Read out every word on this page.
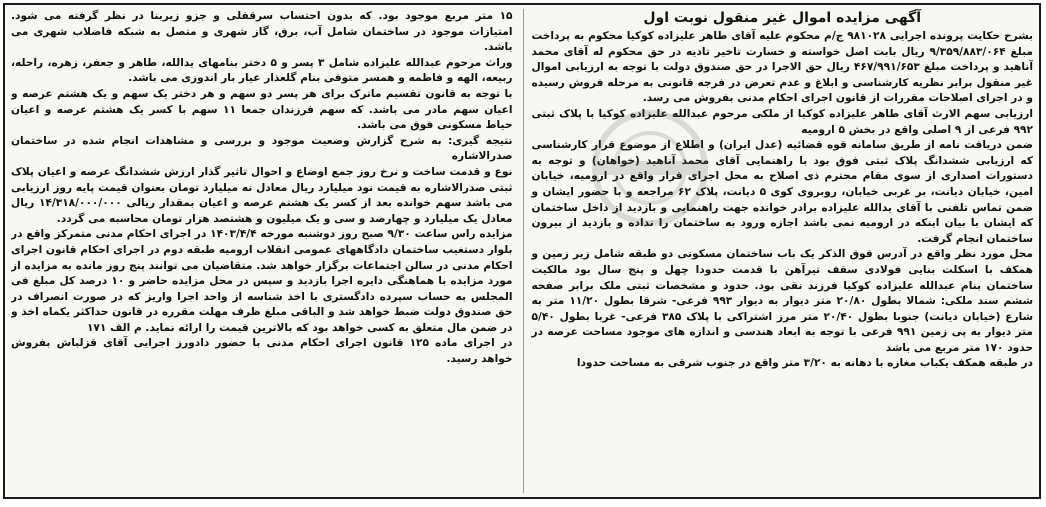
آگهی مزایده اموال غیر منقول نوبت اول

بشرح حکایت پرونده اجرایی ۹۸۱۰۲۸ ج/م محکوم علیه آقای طاهر علیزاده کوکیا محکوم به پرداخت مبلغ ۹/۳۵۹/۸۸۳/۰۶۴ ریال بابت اصل خواسته و خسارت تاخیر تادیه در حق محکوم له آقای محمد آناهید و پرداخت مبلغ ۴۶۷/۹۹۱/۶۵۳ ریال حق الاجرا در حق صندوق دولت با توجه به ارزیابی اموال غیر منقول برابر نظریه کارشناسی و ابلاغ و عدم تعرض در فرجه قانونی به مرحله فروش رسیده و در اجرای اصلاحات مقررات از قانون اجرای احکام مدنی بفروش می رسد.

ارزیابی سهم الارث آقای طاهر علیزاده کوکیا از ملکی مرحوم عبدالله علیزاده کوکیا با پلاک ثبتی ۹۹۲ فرعی از ۹ اصلی واقع در بخش ۵ ارومیه

ضمن دریافت نامه از طریق سامانه قوه قضائیه (عدل ایران) و اطلاع از موضوع قرار کارشناسی که ارزیابی ششدانگ پلاک ثبتی فوق بود با راهنمایی آقای محمد آناهید (خواهان) و توجه به دستورات اصداری از سوی مقام محترم ذی اصلاح به محل اجرای قرار واقع در ارومیه، خیابان امین، خیابان دیانت، بر غربی خیابان، روبروی کوی ۵ دیانت، پلاک ۶۲ مراجعه و با حضور ایشان و ضمن تماس تلفنی با آقای یدالله علیزاده برادر خوانده جهت راهنمایی و بازدید از داخل ساختمان که ایشان با بیان اینکه در ارومیه نمی باشد اجازه ورود به ساختمان را نداده و بازدید از بیرون ساختمان انجام گرفت.

محل مورد نظر واقع در آدرس فوق الذکر یک باب ساختمان مسکونی دو طبقه شامل زیر زمین و همکف با اسکلت بنایی فولادی سقف تیرآهن با قدمت حدودا چهل و پنج سال بود مالکیت ساختمان بنام عبدالله علیزاده کوکیا فرزند نقی بود. حدود و مشخصات ثبتی ملک برابر صفحه ششم سند ملکی: شمالا بطول ۲۰/۸۰ متر دیوار به دیوار ۹۹۳ فرعی- شرقا بطول ۱۱/۲۰ متر به شارع (خیابان دیانت) جنوبا بطول ۲۰/۴۰ متر مرز اشتراکی با پلاک ۳۸۵ فرعی- غربا بطول ۵/۴۰ متر دیوار به پی زمین ۹۹۱ فرعی با توجه به ابعاد هندسی و اندازه های موجود مساحت عرصه در حدود ۱۷۰ متر مربع می باشد

در طبقه همکف یکباب مغازه با دهانه به ۳/۲۰ متر واقع در جنوب شرقی به مساحت حدودا

۱۵ متر مربع موجود بود. که بدون احتساب سرقفلی و جزو زیربنا در نظر گرفته می شود. امتیازات موجود در ساختمان شامل آب، برق، گاز شهری و متصل به شبکه فاضلاب شهری می باشد.

وراث مرحوم عبدالله علیزاده شامل ۳ پسر و ۵ دختر بنامهای یدالله، طاهر و جعفر، زهره، راحله، ربیعه، الهه و فاطمه و همسر متوفی بنام گلعذار عیار بار اندوزی می باشد.

با توجه به قانون تقسیم ماترک برای هر پسر دو سهم و هر دختر یک سهم و یک هشتم عرصه و اعیان سهم مادر می باشد. که سهم فرزندان جمعا ۱۱ سهم با کسر یک هشتم عرصه و اعیان حیاط مسکونی فوق می باشد.

نتیجه گیری: به شرح گزارش وضعیت موجود و بررسی و مشاهدات انجام شده در ساختمان صدرالاشاره

نوع و قدمت ساخت و نرخ روز جمع اوضاع و احوال تاثیر گذار ارزش ششدانگ عرصه و اعیان پلاک ثبتی صدرالاشاره به قیمت نود میلیارد ریال معادل نه میلیارد تومان بعنوان قیمت پایه روز ارزیابی می باشد سهم خوانده بعد از کسر یک هشتم عرصه و اعیان بمقدار ریالی ۱۴/۳۱۸/۰۰۰/۰۰۰ ریال معادل یک میلیارد و چهارصد و سی و یک میلیون و هشتصد هزار تومان محاسبه می گردد.

مزایده راس ساعت ۹/۳۰ صبح روز دوشنبه مورخه ۱۴۰۳/۴/۴ در اجرای احکام مدنی متمرکز واقع در بلوار دستغیب ساختمان دادگاههای عمومی انقلاب ارومیه طبقه دوم در اجرای احکام قانون اجرای احکام مدنی در سالن اجتماعات برگزار خواهد شد. متقاضیان می توانند پنج روز مانده به مزایده از مورد مزایده با هماهنگی دایره اجرا بازدید و سپس در محل مزایده حاضر و ۱۰ درصد کل مبلغ فی المجلس به حساب سپرده دادگستری با اخذ شناسه از واحد اجرا واریز که در صورت انصراف در حق صندوق دولت ضبط خواهد شد و الباقی مبلغ ظرف مهلت مقرره در قانون حداکثر یکماه اخذ و در ضمن مال متعلق به کسی خواهد بود که بالاترین قیمت را ارائه نماید. م الف ۱۷۱

در اجرای ماده ۱۲۵ قانون اجرای احکام مدنی با حضور دادورز اجرایی آقای قزلباش بفروش خواهد رسید.
